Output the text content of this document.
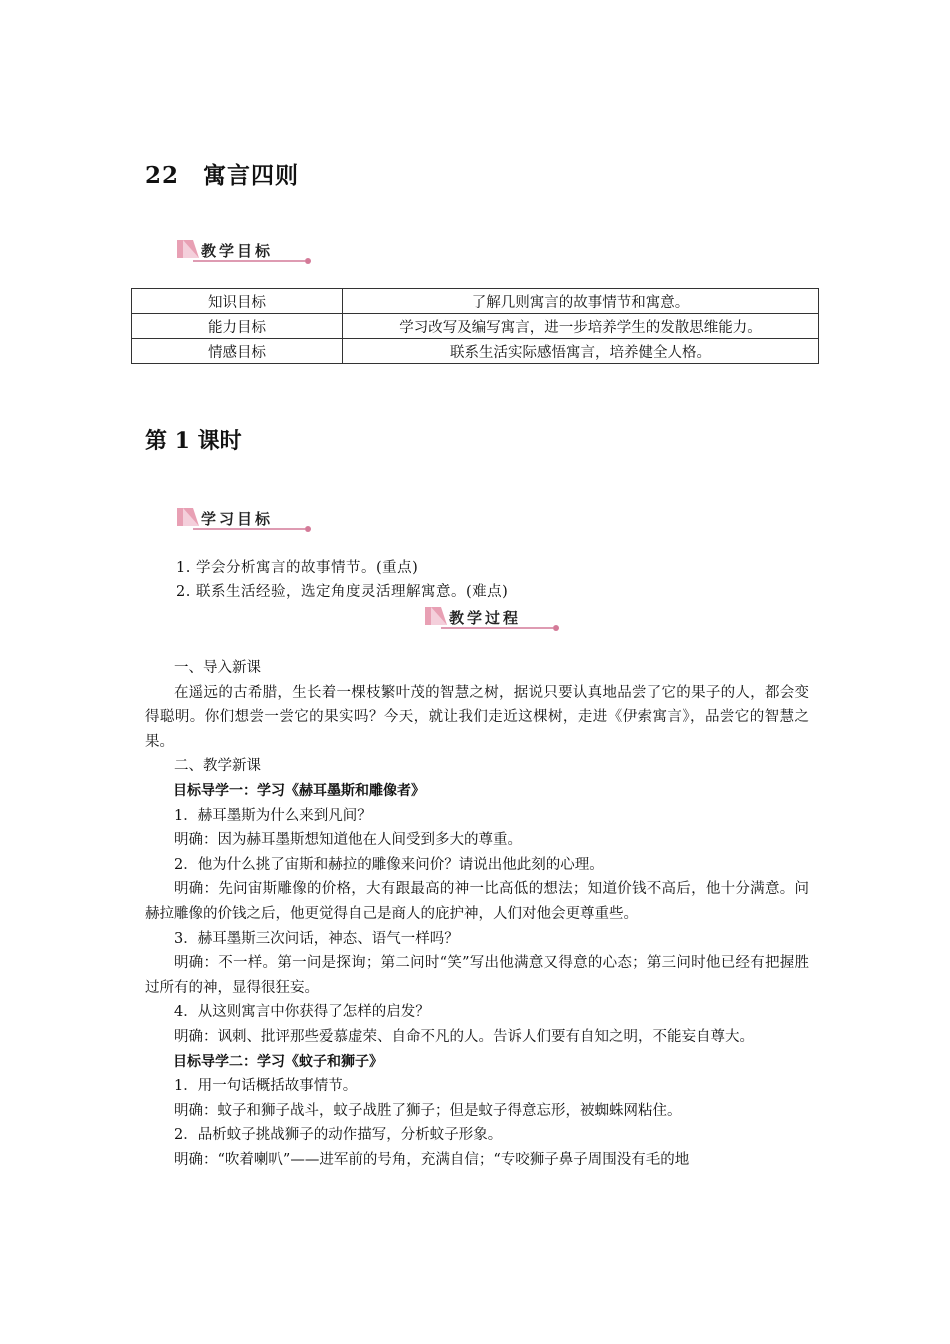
22　寓言四则
教学目标
知识目标	了解几则寓言的故事情节和寓意。
能力目标	学习改写及编写寓言，进一步培养学生的发散思维能力。
情感目标	联系生活实际感悟寓言，培养健全人格。
第 1 课时
学习目标
1. 学会分析寓言的故事情节。(重点)
2. 联系生活经验，选定角度灵活理解寓意。(难点)
教学过程

一、导入新课

在遥远的古希腊，生长着一棵枝繁叶茂的智慧之树，据说只要认真地品尝了它的果子的人，都会变得聪明。你们想尝一尝它的果实吗？今天，就让我们走近这棵树，走进《伊索寓言》，品尝它的智慧之果。

二、教学新课

目标导学一：学习《赫耳墨斯和雕像者》

1．赫耳墨斯为什么来到凡间？

明确：因为赫耳墨斯想知道他在人间受到多大的尊重。

2．他为什么挑了宙斯和赫拉的雕像来问价？请说出他此刻的心理。

明确：先问宙斯雕像的价格，大有跟最高的神一比高低的想法；知道价钱不高后，他十分满意。问赫拉雕像的价钱之后，他更觉得自己是商人的庇护神，人们对他会更尊重些。

3．赫耳墨斯三次问话，神态、语气一样吗？

明确：不一样。第一问是探询；第二问时“笑”写出他满意又得意的心态；第三问时他已经有把握胜过所有的神，显得很狂妄。

4．从这则寓言中你获得了怎样的启发？

明确：讽刺、批评那些爱慕虚荣、自命不凡的人。告诉人们要有自知之明，不能妄自尊大。

目标导学二：学习《蚊子和狮子》

1．用一句话概括故事情节。

明确：蚊子和狮子战斗，蚊子战胜了狮子；但是蚊子得意忘形，被蜘蛛网粘住。

2．品析蚊子挑战狮子的动作描写，分析蚊子形象。

明确：“吹着喇叭”——进军前的号角，充满自信；“专咬狮子鼻子周围没有毛的地
